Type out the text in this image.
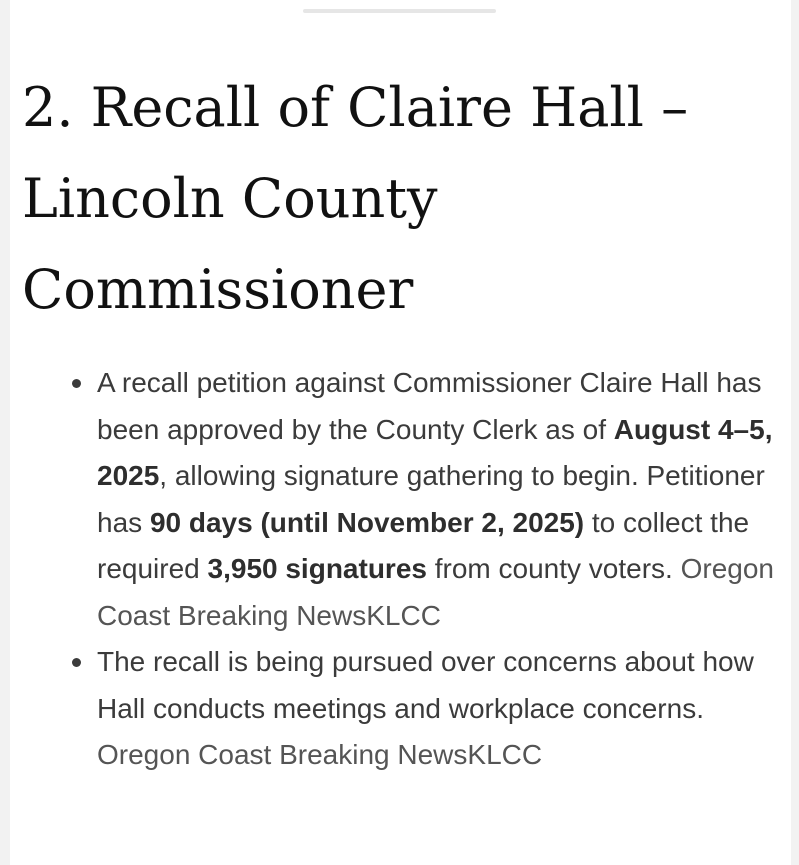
2. Recall of Claire Hall – Lincoln County Commissioner
A recall petition against Commissioner Claire Hall has been approved by the County Clerk as of August 4–5, 2025, allowing signature gathering to begin. Petitioner has 90 days (until November 2, 2025) to collect the required 3,950 signatures from county voters. Oregon Coast Breaking NewsKLCC
The recall is being pursued over concerns about how Hall conducts meetings and workplace concerns. Oregon Coast Breaking NewsKLCC
